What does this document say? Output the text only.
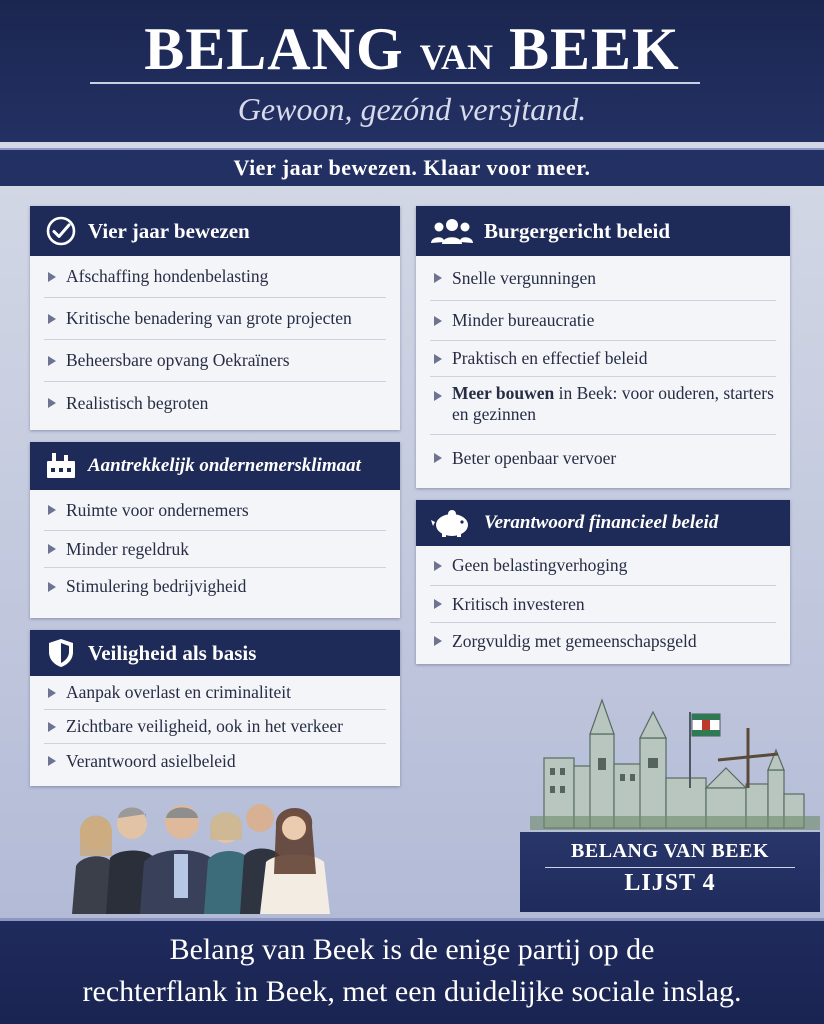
BELANG VAN BEEK
Gewoon, gezónd versjtand.
Vier jaar bewezen. Klaar voor meer.
Vier jaar bewezen
Afschaffing hondenbelasting
Kritische benadering van grote projecten
Beheersbare opvang Oekraïners
Realistisch begroten
Aantrekkelijk ondernemersklimaat
Ruimte voor ondernemers
Minder regeldruk
Stimulering bedrijvigheid
Veiligheid als basis
Aanpak overlast en criminaliteit
Zichtbare veiligheid, ook in het verkeer
Verantwoord asielbeleid
Burgergericht beleid
Snelle vergunningen
Minder bureaucratie
Praktisch en effectief beleid
Meer bouwen in Beek: voor ouderen, starters en gezinnen
Beter openbaar vervoer
Verantwoord financieel beleid
Geen belastingverhoging
Kritisch investeren
Zorgvuldig met gemeenschapsgeld
BELANG VAN BEEK
LIJST 4
Belang van Beek is de enige partij op de
rechterflank in Beek, met een duidelijke sociale inslag.
